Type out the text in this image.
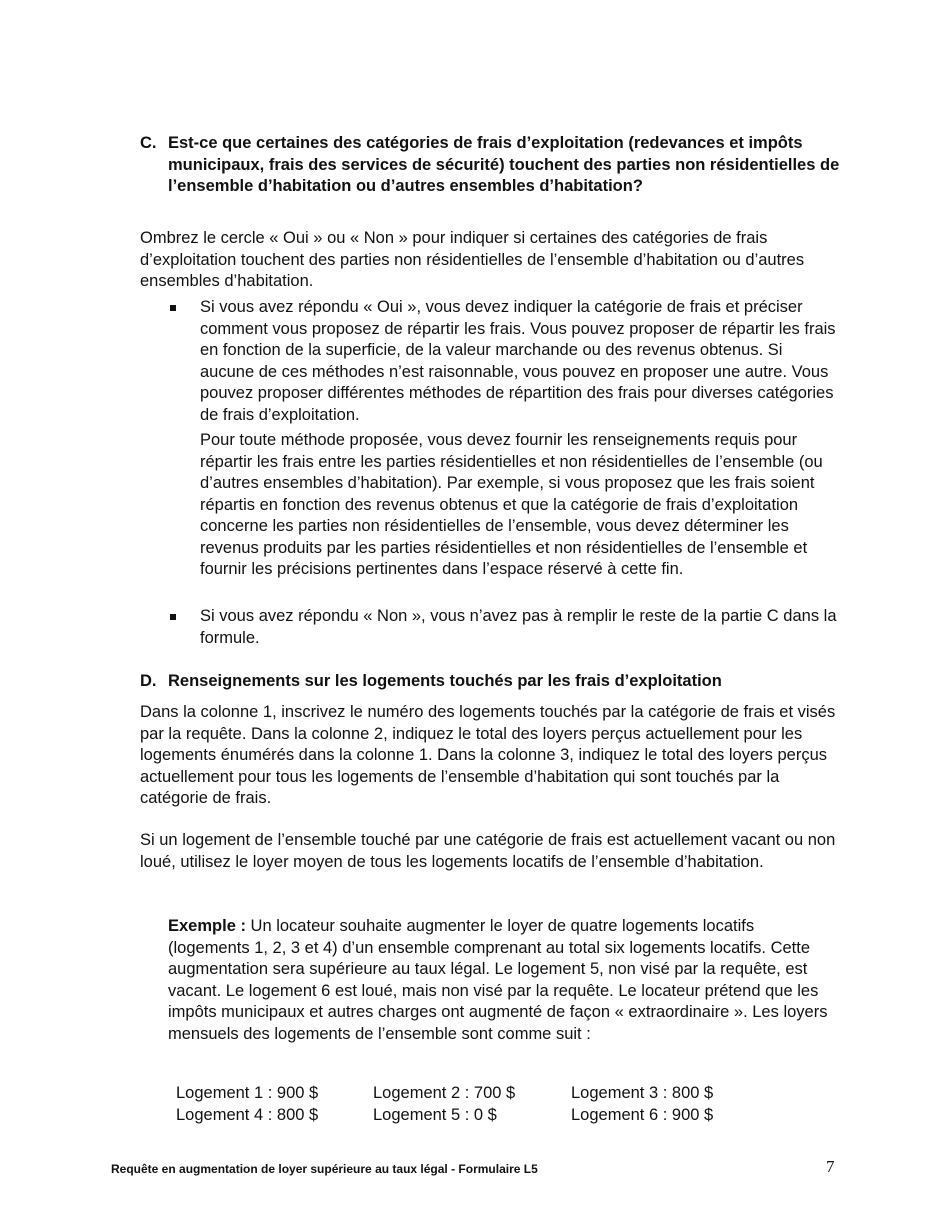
C. Est-ce que certaines des catégories de frais d’exploitation (redevances et impôts municipaux, frais des services de sécurité) touchent des parties non résidentielles de l’ensemble d’habitation ou d’autres ensembles d’habitation?

Ombrez le cercle « Oui » ou « Non » pour indiquer si certaines des catégories de frais d’exploitation touchent des parties non résidentielles de l’ensemble d’habitation ou d’autres ensembles d’habitation.

Si vous avez répondu « Oui », vous devez indiquer la catégorie de frais et préciser comment vous proposez de répartir les frais. Vous pouvez proposer de répartir les frais en fonction de la superficie, de la valeur marchande ou des revenus obtenus. Si aucune de ces méthodes n’est raisonnable, vous pouvez en proposer une autre. Vous pouvez proposer différentes méthodes de répartition des frais pour diverses catégories de frais d’exploitation.

Pour toute méthode proposée, vous devez fournir les renseignements requis pour répartir les frais entre les parties résidentielles et non résidentielles de l’ensemble (ou d’autres ensembles d’habitation). Par exemple, si vous proposez que les frais soient répartis en fonction des revenus obtenus et que la catégorie de frais d’exploitation concerne les parties non résidentielles de l’ensemble, vous devez déterminer les revenus produits par les parties résidentielles et non résidentielles de l’ensemble et fournir les précisions pertinentes dans l’espace réservé à cette fin.

Si vous avez répondu « Non », vous n’avez pas à remplir le reste de la partie C dans la formule.
D. Renseignements sur les logements touchés par les frais d’exploitation

Dans la colonne 1, inscrivez le numéro des logements touchés par la catégorie de frais et visés par la requête. Dans la colonne 2, indiquez le total des loyers perçus actuellement pour les logements énumérés dans la colonne 1. Dans la colonne 3, indiquez le total des loyers perçus actuellement pour tous les logements de l’ensemble d’habitation qui sont touchés par la catégorie de frais.

Si un logement de l’ensemble touché par une catégorie de frais est actuellement vacant ou non loué, utilisez le loyer moyen de tous les logements locatifs de l’ensemble d’habitation.

Exemple : Un locateur souhaite augmenter le loyer de quatre logements locatifs (logements 1, 2, 3 et 4) d’un ensemble comprenant au total six logements locatifs. Cette augmentation sera supérieure au taux légal. Le logement 5, non visé par la requête, est vacant. Le logement 6 est loué, mais non visé par la requête. Le locateur prétend que les impôts municipaux et autres charges ont augmenté de façon « extraordinaire ». Les loyers mensuels des logements de l’ensemble sont comme suit :

Logement 1 : 900 $	Logement 2 : 700 $	Logement 3 : 800 $
Logement 4 : 800 $	Logement 5 : 0 $	Logement 6 : 900 $
Requête en augmentation de loyer supérieure au taux légal - Formulaire L5	7
